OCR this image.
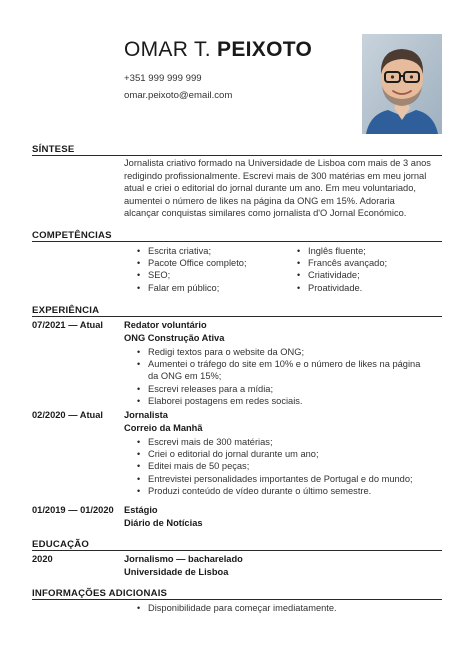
OMAR T. PEIXOTO
+351 999 999 999
omar.peixoto@email.com
SÍNTESE
Jornalista criativo formado na Universidade de Lisboa com mais de 3 anos
redigindo profissionalmente. Escrevi mais de 300 matérias em meu jornal
atual e criei o editorial do jornal durante um ano. Em meu voluntariado,
aumentei o número de likes na página da ONG em 15%. Adoraria
alcançar conquistas similares como jornalista d'O Jornal Económico.
COMPETÊNCIAS
• Escrita criativa;
• Pacote Office completo;
• SEO;
• Falar em público;
• Inglês fluente;
• Francês avançado;
• Criatividade;
• Proatividade.
EXPERIÊNCIA
07/2021 — Atual Redator voluntário
ONG Construção Ativa
• Redigi textos para o website da ONG;
• Aumentei o tráfego do site em 10% e o número de likes na página
da ONG em 15%;
• Escrevi releases para a mídia;
• Elaborei postagens em redes sociais.
02/2020 — Atual Jornalista
Correio da Manhã
• Escrevi mais de 300 matérias;
• Criei o editorial do jornal durante um ano;
• Editei mais de 50 peças;
• Entrevistei personalidades importantes de Portugal e do mundo;
• Produzi conteúdo de vídeo durante o último semestre.
01/2019 — 01/2020 Estágio
Diário de Notícias
EDUCAÇÃO
2020	Jornalismo — bacharelado
Universidade de Lisboa
INFORMAÇÕES ADICIONAIS
• Disponibilidade para começar imediatamente.
